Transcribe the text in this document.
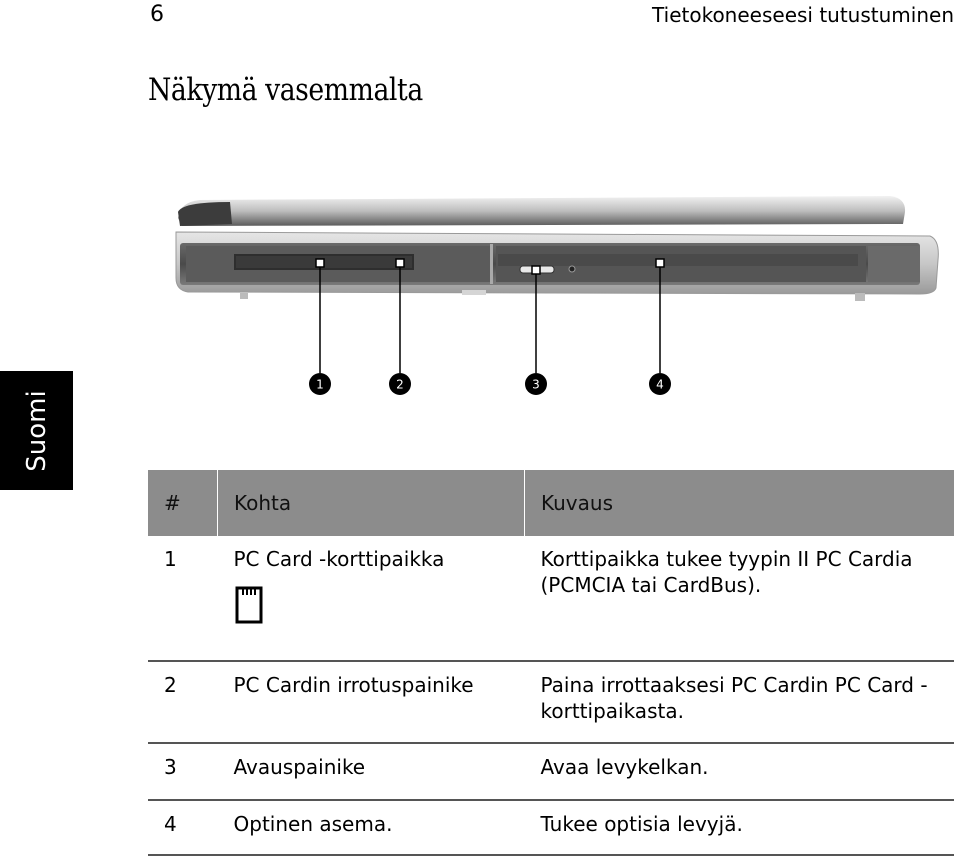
6	Tietokoneeseesi tutustuminen
Näkymä vasemmalta
Suomi
1	2	3	4
#	Kohta	Kuvaus
1	PC Card -korttipaikka	Korttipaikka tukee tyypin II PC Cardia
(PCMCIA tai CardBus).

2	PC Cardin irrotuspainike	Paina irrottaaksesi PC Cardin PC Card -
korttipaikasta.

3	Avauspainike	Avaa levykelkan.
4	Optinen asema.	Tukee optisia levyjä.
